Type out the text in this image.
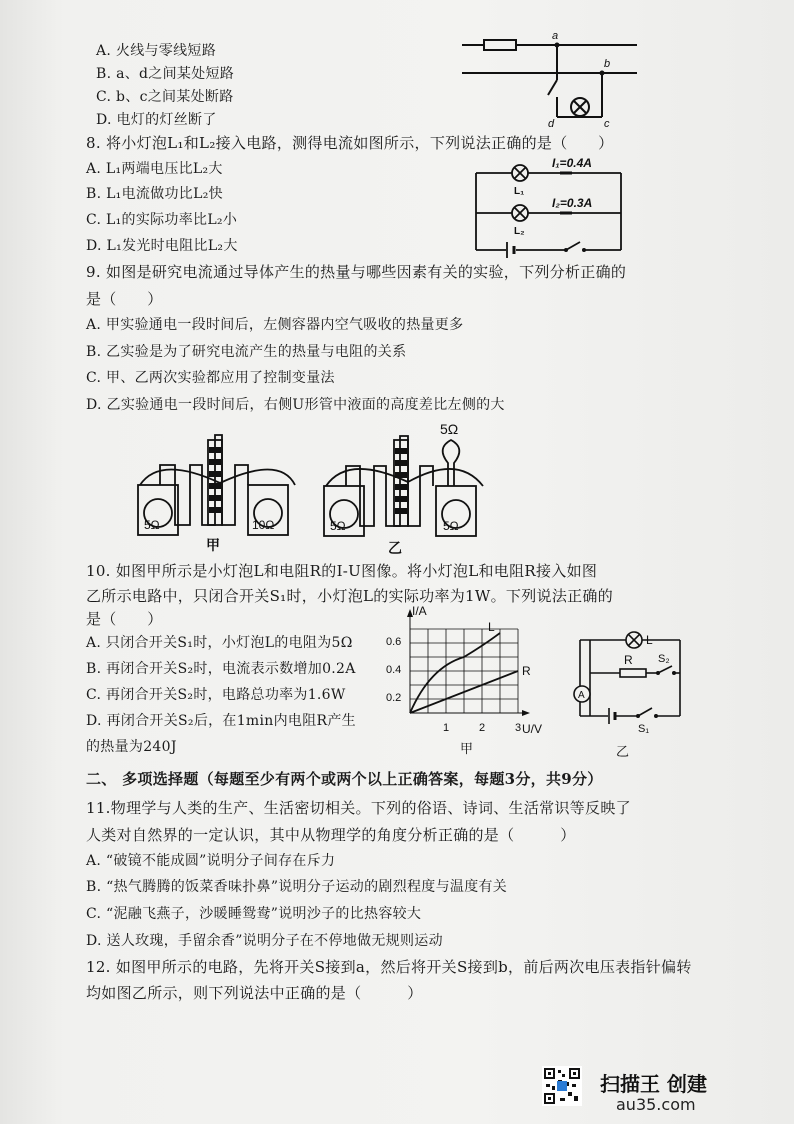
A. 火线与零线短路
B. a、d之间某处短路
C. b、c之间某处断路
D. 电灯的灯丝断了
a
b
c
d
8. 将小灯泡L₁和L₂接入电路，测得电流如图所示，下列说法正确的是（　　）
A. L₁两端电压比L₂大
B. L₁电流做功比L₂快
C. L₁的实际功率比L₂小
D. L₁发光时电阻比L₂大
I₁=0.4A
I₂=0.3A
L₁
L₂
9. 如图是研究电流通过导体产生的热量与哪些因素有关的实验，下列分析正确的
是（　　）
A. 甲实验通电一段时间后，左侧容器内空气吸收的热量更多
B. 乙实验是为了研究电流产生的热量与电阻的关系
C. 甲、乙两次实验都应用了控制变量法
D. 乙实验通电一段时间后，右侧U形管中液面的高度差比左侧的大
5Ω	10Ω
甲
5Ω	5Ω
5Ω
乙
10. 如图甲所示是小灯泡L和电阻R的I-U图像。将小灯泡L和电阻R接入如图
乙所示电路中，只闭合开关S₁时，小灯泡L的实际功率为1W。下列说法正确的
是（　　）
A. 只闭合开关S₁时，小灯泡L的电阻为5Ω
B. 再闭合开关S₂时，电流表示数增加0.2A
C. 再闭合开关S₂时，电路总功率为1.6W
D. 再闭合开关S₂后，在1min内电阻R产生
的热量为240J
I/A
U/V
0.6
0.4
0.2
1	2	3
L
R
甲
L
R S₂
S₁
A
乙
二、 多项选择题（每题至少有两个或两个以上正确答案，每题3分，共9分）
11.物理学与人类的生产、生活密切相关。下列的俗语、诗词、生活常识等反映了
人类对自然界的一定认识，其中从物理学的角度分析正确的是（　　　）
A. “破镜不能成圆”说明分子间存在斥力
B. “热气腾腾的饭菜香味扑鼻”说明分子运动的剧烈程度与温度有关
C. “泥融飞燕子，沙暖睡鸳鸯”说明沙子的比热容较大
D. 送人玫瑰，手留余香”说明分子在不停地做无规则运动
12. 如图甲所示的电路，先将开关S接到a，然后将开关S接到b，前后两次电压表指针偏转
均如图乙所示，则下列说法中正确的是（　　　）
扫描王 创建
au35.com
